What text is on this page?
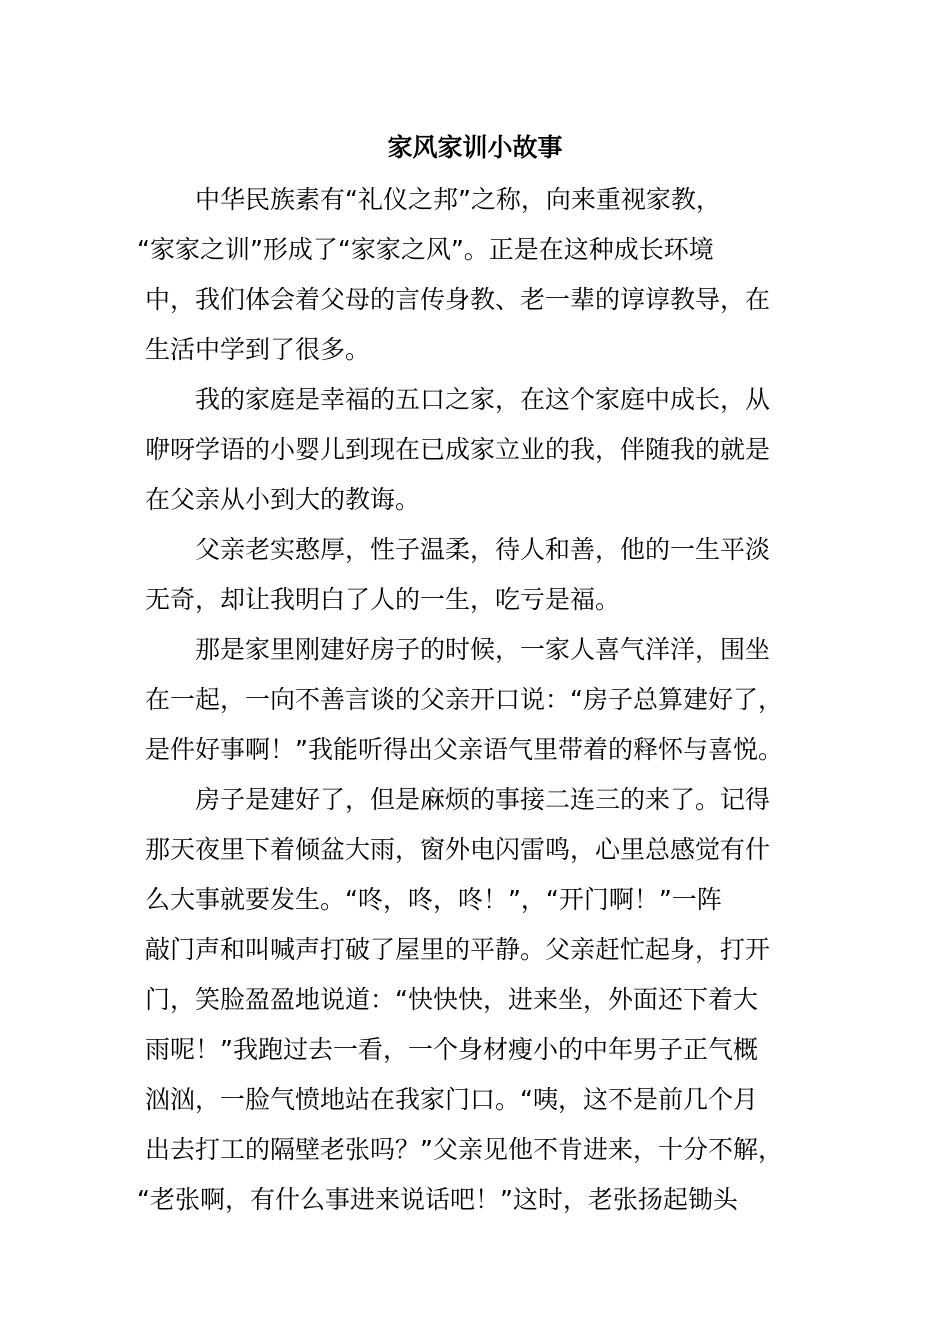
家风家训小故事
中华民族素有“礼仪之邦”之称，向来重视家教，
“家家之训”形成了“家家之风”。正是在这种成长环境
中，我们体会着父母的言传身教、老一辈的谆谆教导，在
生活中学到了很多。
我的家庭是幸福的五口之家，在这个家庭中成长，从
咿呀学语的小婴儿到现在已成家立业的我，伴随我的就是
在父亲从小到大的教诲。
父亲老实憨厚，性子温柔，待人和善，他的一生平淡
无奇，却让我明白了人的一生，吃亏是福。
那是家里刚建好房子的时候，一家人喜气洋洋，围坐
在一起，一向不善言谈的父亲开口说：“房子总算建好了，
是件好事啊！”我能听得出父亲语气里带着的释怀与喜悦。
房子是建好了，但是麻烦的事接二连三的来了。记得
那天夜里下着倾盆大雨，窗外电闪雷鸣，心里总感觉有什
么大事就要发生。“咚，咚，咚！”，“开门啊！”一阵
敲门声和叫喊声打破了屋里的平静。父亲赶忙起身，打开
门，笑脸盈盈地说道：“快快快，进来坐，外面还下着大
雨呢！”我跑过去一看，一个身材瘦小的中年男子正气概
汹汹，一脸气愤地站在我家门口。“咦，这不是前几个月
出去打工的隔壁老张吗？”父亲见他不肯进来，十分不解，
“老张啊，有什么事进来说话吧！”这时，老张扬起锄头
